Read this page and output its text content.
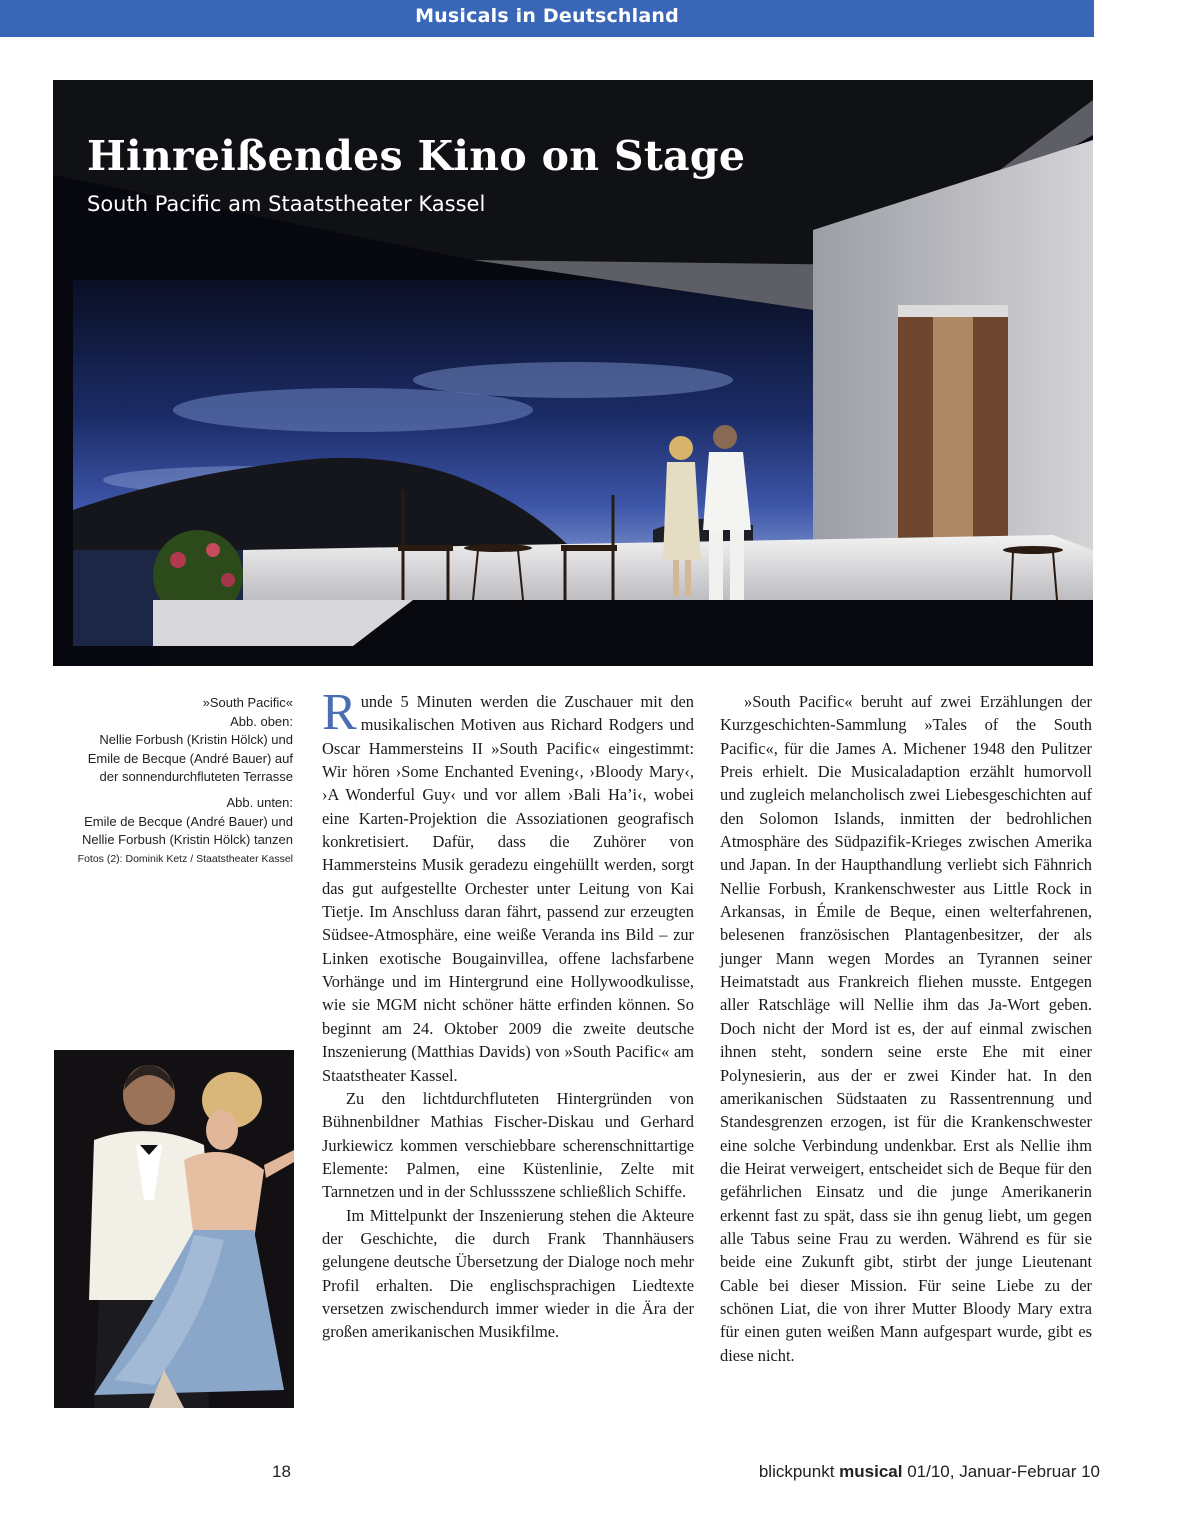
Musicals in Deutschland
Hinreißendes Kino on Stage
South Pacific am Staatstheater Kassel
»South Pacific«
Abb. oben:
Nellie Forbush (Kristin Hölck) und
Emile de Becque (André Bauer) auf
der sonnendurchfluteten Terrasse
Abb. unten:
Emile de Becque (André Bauer) und
Nellie Forbush (Kristin Hölck) tanzen
Fotos (2): Dominik Ketz / Staatstheater Kassel

Runde 5 Minuten werden die Zuschauer mit den musikalischen Motiven aus Richard Rodgers und Oscar Hammersteins II »South Pacific« eingestimmt: Wir hören ›Some Enchanted Evening‹, ›Bloody Mary‹, ›A Wonderful Guy‹ und vor allem ›Bali Ha’i‹, wobei eine Karten-Projektion die Assoziationen geografisch konkretisiert. Dafür, dass die Zuhörer von Hammersteins Musik geradezu eingehüllt werden, sorgt das gut aufgestellte Orchester unter Leitung von Kai Tietje. Im Anschluss daran fährt, passend zur erzeugten Südsee-Atmosphäre, eine weiße Veranda ins Bild – zur Linken exotische Bougainvillea, offene lachsfarbene Vorhänge und im Hintergrund eine Hollywoodkulisse, wie sie MGM nicht schöner hätte erfinden können. So beginnt am 24. Oktober 2009 die zweite deutsche Inszenierung (Matthias Davids) von »South Pacific« am Staatstheater Kassel.

Zu den lichtdurchfluteten Hintergründen von Bühnenbildner Mathias Fischer-Diskau und Gerhard Jurkiewicz kommen verschiebbare scherenschnittartige Elemente: Palmen, eine Küstenlinie, Zelte mit Tarnnetzen und in der Schlussszene schließlich Schiffe.

Im Mittelpunkt der Inszenierung stehen die Akteure der Geschichte, die durch Frank Thannhäusers gelungene deutsche Übersetzung der Dialoge noch mehr Profil erhalten. Die englischsprachigen Liedtexte versetzen zwischendurch immer wieder in die Ära der großen amerikanischen Musikfilme.

»South Pacific« beruht auf zwei Erzählungen der Kurzgeschichten-Sammlung »Tales of the South Pacific«, für die James A. Michener 1948 den Pulitzer Preis erhielt. Die Musicaladaption erzählt humorvoll und zugleich melancholisch zwei Liebesgeschichten auf den Solomon Islands, inmitten der bedrohlichen Atmosphäre des Südpazifik-Krieges zwischen Amerika und Japan. In der Haupthandlung verliebt sich Fähnrich Nellie Forbush, Krankenschwester aus Little Rock in Arkansas, in Émile de Beque, einen welterfahrenen, belesenen französischen Plantagenbesitzer, der als junger Mann wegen Mordes an Tyrannen seiner Heimatstadt aus Frankreich fliehen musste. Entgegen aller Ratschläge will Nellie ihm das Ja-Wort geben. Doch nicht der Mord ist es, der auf einmal zwischen ihnen steht, sondern seine erste Ehe mit einer Polynesierin, aus der er zwei Kinder hat. In den amerikanischen Südstaaten zu Rassentrennung und Standesgrenzen erzogen, ist für die Krankenschwester eine solche Verbindung undenkbar. Erst als Nellie ihm die Heirat verweigert, entscheidet sich de Beque für den gefährlichen Einsatz und die junge Amerikanerin erkennt fast zu spät, dass sie ihn genug liebt, um gegen alle Tabus seine Frau zu werden. Während es für sie beide eine Zukunft gibt, stirbt der junge Lieutenant Cable bei dieser Mission. Für seine Liebe zu der schönen Liat, die von ihrer Mutter Bloody Mary extra für einen guten weißen Mann aufgespart wurde, gibt es diese nicht.

18	blickpunkt musical 01/10, Januar-Februar 10
